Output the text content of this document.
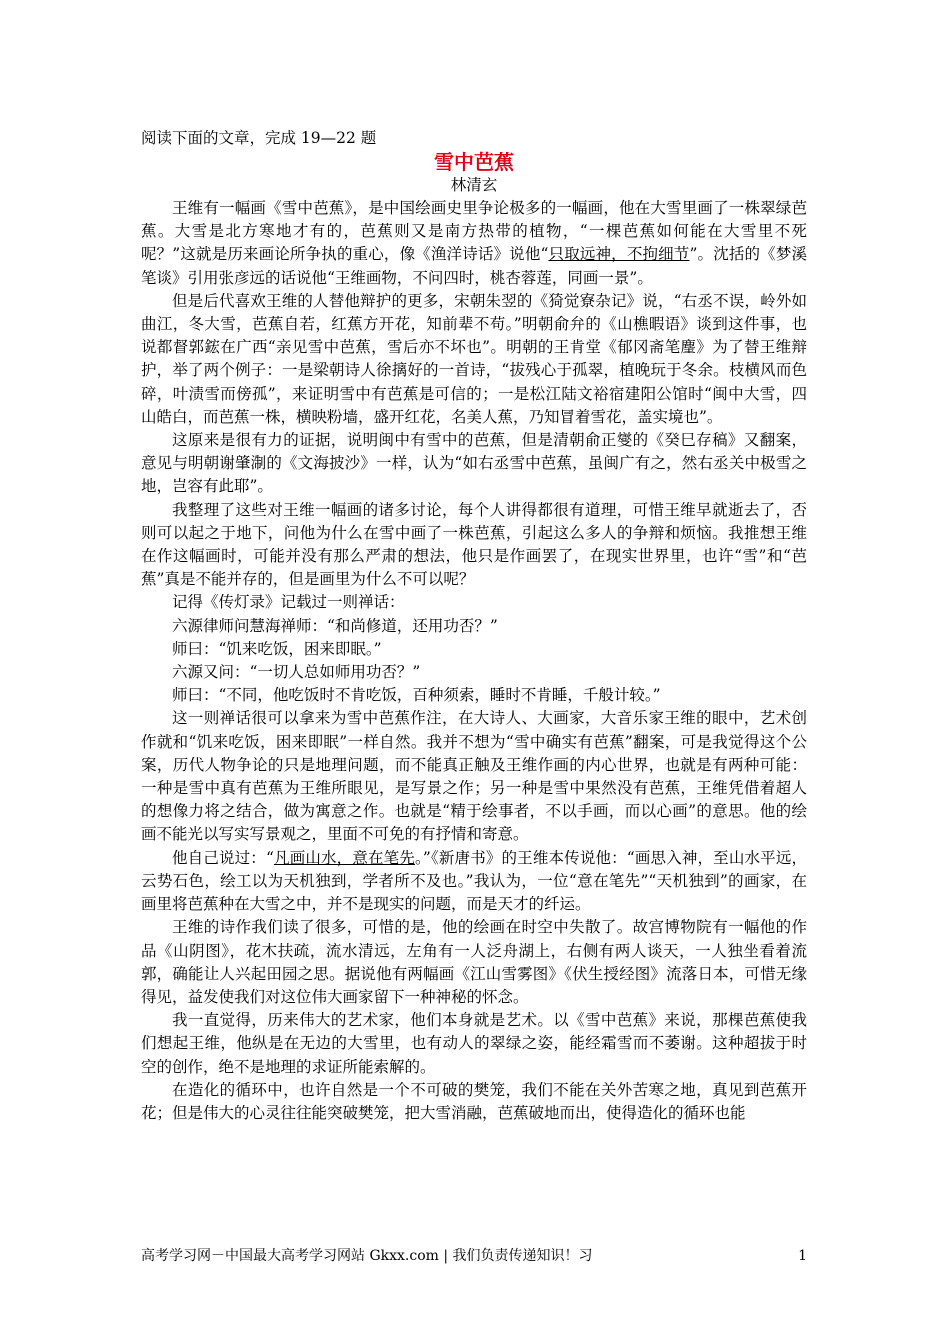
阅读下面的文章，完成 19—22 题

雪中芭蕉

林清玄

王维有一幅画《雪中芭蕉》，是中国绘画史里争论极多的一幅画，他在大雪里画了一株翠绿芭蕉。大雪是北方寒地才有的，芭蕉则又是南方热带的植物，“一棵芭蕉如何能在大雪里不死呢？”这就是历来画论所争执的重心，像《渔洋诗话》说他“只取远神，不拘细节”。沈括的《梦溪笔谈》引用张彦远的话说他“王维画物，不问四时，桃杏蓉莲，同画一景”。

但是后代喜欢王维的人替他辩护的更多，宋朝朱翌的《猗觉寮杂记》说，“右丞不误，岭外如曲江，冬大雪，芭蕉自若，红蕉方开花，知前辈不苟。”明朝俞弁的《山樵暇语》谈到这件事，也说都督郭鋐在广西“亲见雪中芭蕉，雪后亦不坏也”。明朝的王肯堂《郁冈斋笔麈》为了替王维辩护，举了两个例子：一是梁朝诗人徐摛好的一首诗，“拔残心于孤翠，植晚玩于冬余。枝横风而色碎，叶渍雪而傍孤”，来证明雪中有芭蕉是可信的；一是松江陆文裕宿建阳公馆时“闽中大雪，四山皓白，而芭蕉一株，横映粉墙，盛开红花，名美人蕉，乃知冒着雪花，盖实境也”。

这原来是很有力的证据，说明闽中有雪中的芭蕉，但是清朝俞正燮的《癸巳存稿》又翻案，意见与明朝谢肇淛的《文海披沙》一样，认为“如右丞雪中芭蕉，虽闽广有之，然右丞关中极雪之地，岂容有此耶”。

我整理了这些对王维一幅画的诸多讨论，每个人讲得都很有道理，可惜王维早就逝去了，否则可以起之于地下，问他为什么在雪中画了一株芭蕉，引起这么多人的争辩和烦恼。我推想王维在作这幅画时，可能并没有那么严肃的想法，他只是作画罢了，在现实世界里，也许“雪”和“芭蕉”真是不能并存的，但是画里为什么不可以呢？

记得《传灯录》记载过一则禅话：

六源律师问慧海禅师：“和尚修道，还用功否？”

师曰：“饥来吃饭，困来即眠。”

六源又问：“一切人总如师用功否？”

师曰：“不同，他吃饭时不肯吃饭，百种须索，睡时不肯睡，千般计较。”

这一则禅话很可以拿来为雪中芭蕉作注，在大诗人、大画家，大音乐家王维的眼中，艺术创作就和“饥来吃饭，困来即眠”一样自然。我并不想为“雪中确实有芭蕉”翻案，可是我觉得这个公案，历代人物争论的只是地理问题，而不能真正触及王维作画的内心世界，也就是有两种可能：一种是雪中真有芭蕉为王维所眼见，是写景之作；另一种是雪中果然没有芭蕉，王维凭借着超人的想像力将之结合，做为寓意之作。也就是“精于绘事者，不以手画，而以心画”的意思。他的绘画不能光以写实写景观之，里面不可免的有抒情和寄意。

他自己说过：“凡画山水，意在笔先。”《新唐书》的王维本传说他：“画思入神，至山水平远，云势石色，绘工以为天机独到，学者所不及也。”我认为，一位“意在笔先”“天机独到”的画家，在画里将芭蕉种在大雪之中，并不是现实的问题，而是天才的纤运。

王维的诗作我们读了很多，可惜的是，他的绘画在时空中失散了。故宫博物院有一幅他的作品《山阴图》，花木扶疏，流水清远，左角有一人泛舟湖上，右侧有两人谈天，一人独坐看着流郭，确能让人兴起田园之思。据说他有两幅画《江山雪雾图》《伏生授经图》流落日本，可惜无缘得见，益发使我们对这位伟大画家留下一种神秘的怀念。

我一直觉得，历来伟大的艺术家，他们本身就是艺术。以《雪中芭蕉》来说，那棵芭蕉使我们想起王维，他纵是在无边的大雪里，也有动人的翠绿之姿，能经霜雪而不萎谢。这种超拔于时空的创作，绝不是地理的求证所能索解的。

在造化的循环中，也许自然是一个不可破的樊笼，我们不能在关外苦寒之地，真见到芭蕉开花；但是伟大的心灵往往能突破樊笼，把大雪消融，芭蕉破地而出，使得造化的循环也能

高考学习网－中国最大高考学习网站 Gkxx.com | 我们负责传递知识！习	1
